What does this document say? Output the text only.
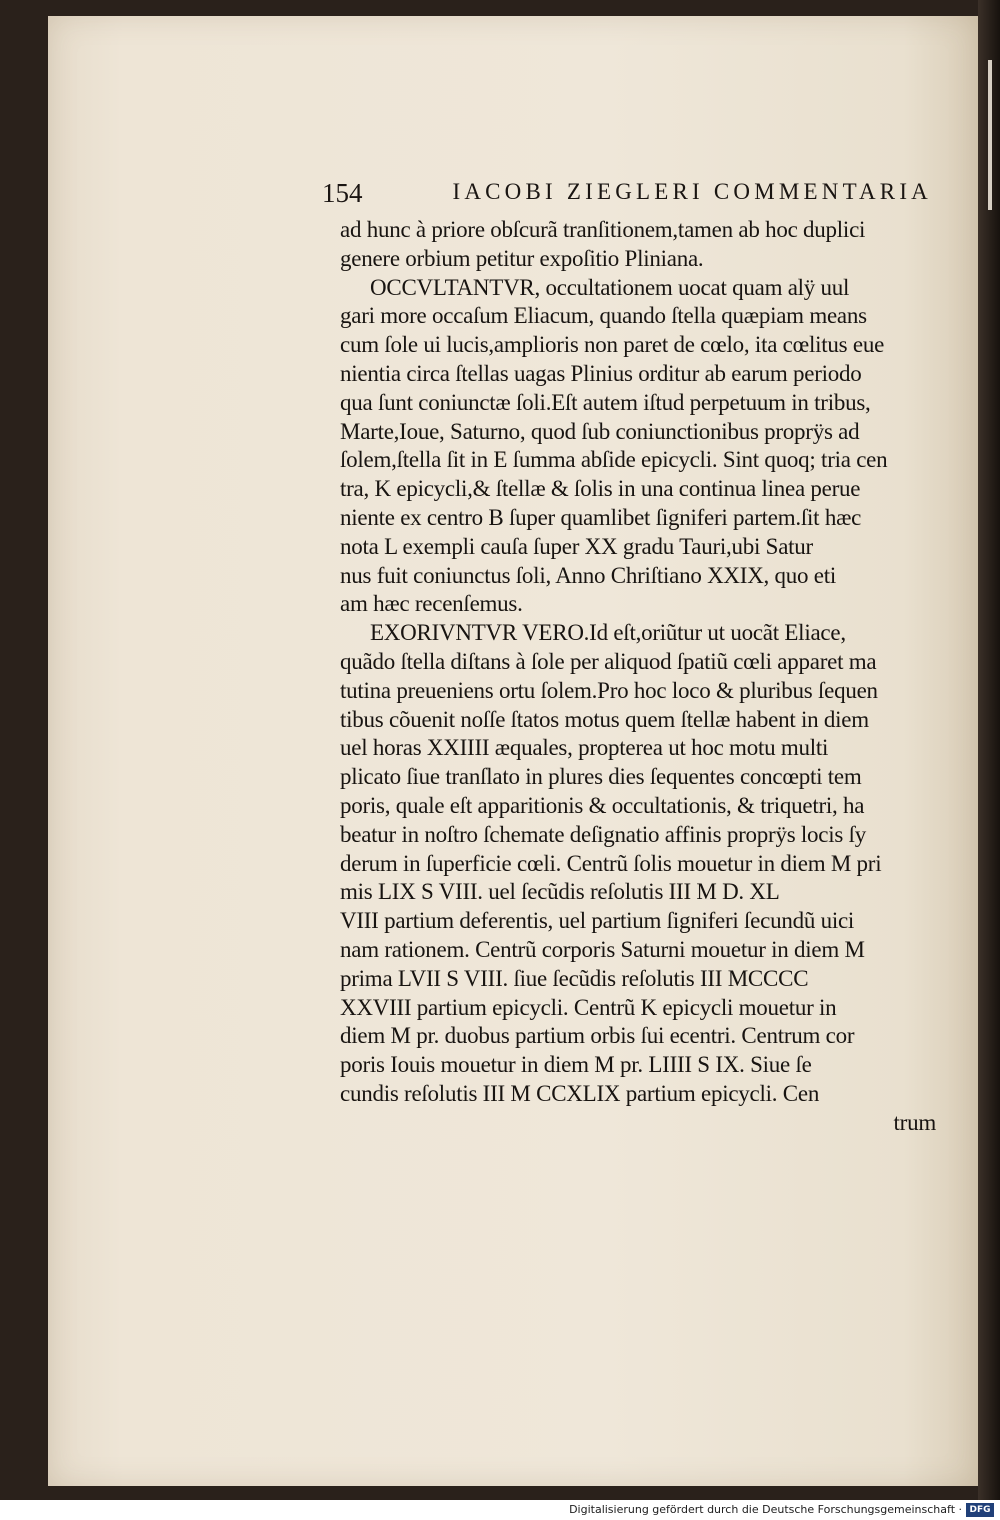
154	IACOBI ZIEGLERI COMMENTARIA
ad hunc à priore obſcurã tranſitionem,tamen ab hoc duplici
genere orbium petitur expoſitio Pliniana.
OCCVLTANTVR, occultationem uocat quam alÿ uul
gari more occaſum Eliacum, quando ſtella quæpiam means
cum ſole ui lucis,amplioris non paret de cœlo, ita cœlitus eue
nientia circa ſtellas uagas Plinius orditur ab earum periodo
qua ſunt coniunctæ ſoli.Eſt autem iſtud perpetuum in tribus,
Marte,Ioue, Saturno, quod ſub coniunctionibus proprÿs ad
ſolem,ſtella ſit in E ſumma abſide epicycli. Sint quoq; tria cen
tra, K epicycli,& ſtellæ & ſolis in una continua linea perue
niente ex centro B ſuper quamlibet ſigniferi partem.ſit hæc
nota L exempli cauſa ſuper XX gradu Tauri,ubi Satur
nus fuit coniunctus ſoli, Anno Chriſtiano XXIX, quo eti
am hæc recenſemus.
EXORIVNTVR VERO.Id eſt,oriũtur ut uocãt Eliace,
quãdo ſtella diſtans à ſole per aliquod ſpatiũ cœli apparet ma
tutina preueniens ortu ſolem.Pro hoc loco & pluribus ſequen
tibus cõuenit noſſe ſtatos motus quem ſtellæ habent in diem
uel horas XXIIII æquales, propterea ut hoc motu multi
plicato ſiue tranſlato in plures dies ſequentes concœpti tem
poris, quale eſt apparitionis & occultationis, & triquetri, ha
beatur in noſtro ſchemate deſignatio affinis proprÿs locis ſy
derum in ſuperficie cœli. Centrũ ſolis mouetur in diem M pri
mis LIX S VIII. uel ſecũdis reſolutis III M D. XL
VIII partium deferentis, uel partium ſigniferi ſecundũ uici
nam rationem. Centrũ corporis Saturni mouetur in diem M
prima LVII S VIII. ſiue ſecũdis reſolutis III MCCCC
XXVIII partium epicycli. Centrũ K epicycli mouetur in
diem M pr. duobus partium orbis ſui ecentri. Centrum cor
poris Iouis mouetur in diem M pr. LIIII S IX. Siue ſe
cundis reſolutis III M CCXLIX partium epicycli. Cen
trum
Digitalisierung gefördert durch die Deutsche Forschungsgemeinschaft · DFG
